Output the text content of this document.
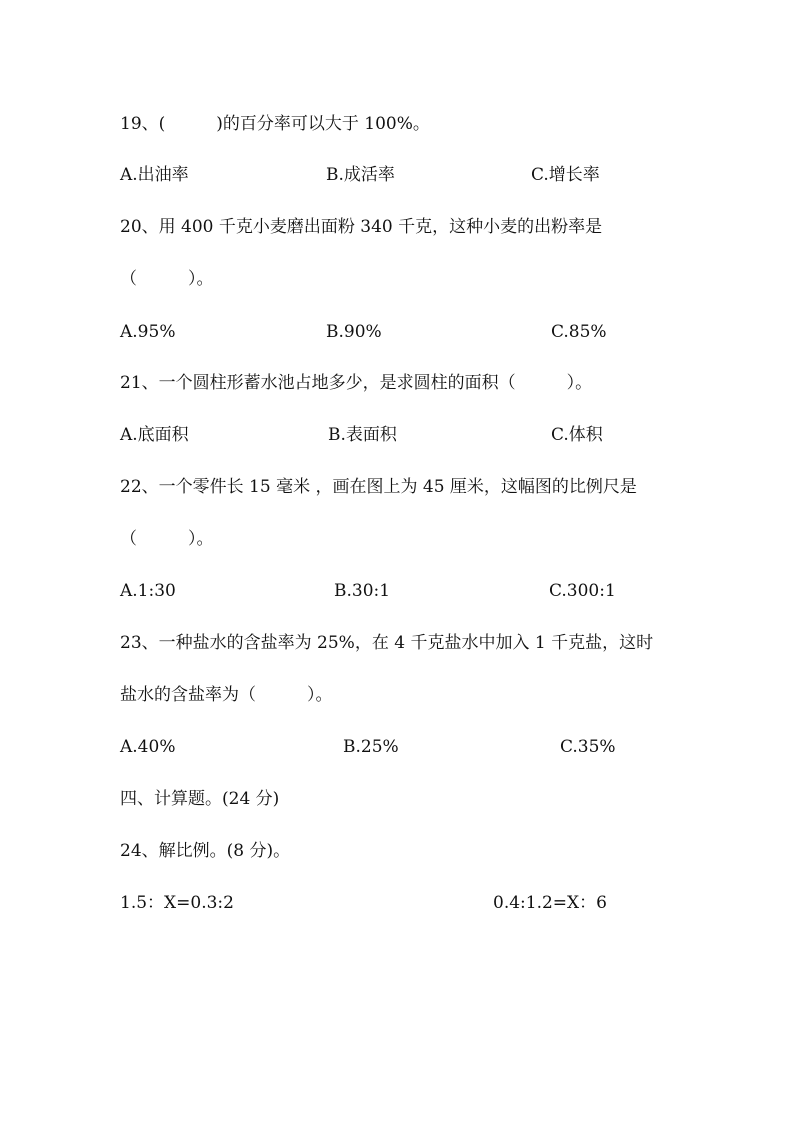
19、(　　　)的百分率可以大于 100%。
A.出油率	B.成活率	C.增长率
20、用 400 千克小麦磨出面粉 340 千克，这种小麦的出粉率是
（　　　）。
A.95%	B.90%	C.85%
21、一个圆柱形蓄水池占地多少，是求圆柱的面积（　　　）。
A.底面积	B.表面积	C.体积
22、一个零件长 15 毫米 ，画在图上为 45 厘米，这幅图的比例尺是
（　　　）。
A.1:30	B.30:1	C.300:1
23、一种盐水的含盐率为 25%，在 4 千克盐水中加入 1 千克盐，这时
盐水的含盐率为（　　　）。
A.40%	B.25%	C.35%
四、计算题。(24 分)
24、解比例。(8 分)。
1.5：X=0.3:2	0.4:1.2=X：6
